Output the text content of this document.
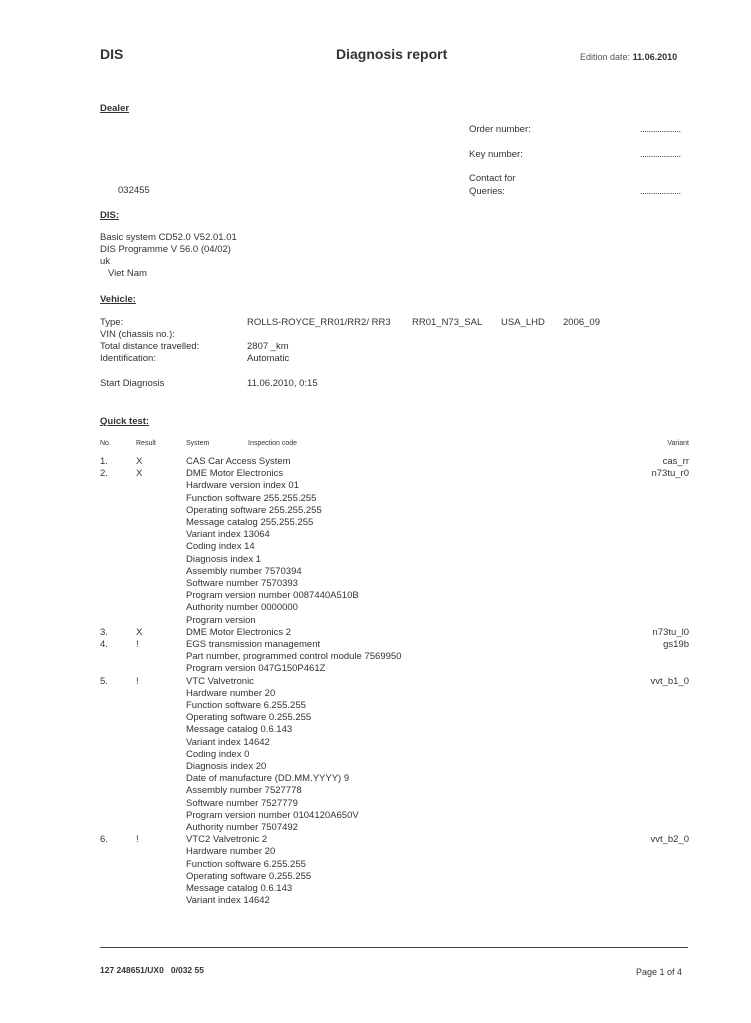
DIS	Diagnosis report	Edition date: 11.06.2010
Dealer
Order number:	...................
Key number:	...................
Contact for
Queries:	...................
032455
DIS:
Basic system CD52.0 V52.01.01
DIS Programme V 56.0 (04/02)
uk
Viet Nam
Vehicle:
Type:	ROLLS-ROYCE_RR01/RR2/ RR3 RR01_N73_SAL USA_LHD 2006_09
VIN (chassis no.):
Total distance travelled:	2807 _km
Identification:	Automatic
Start Diagnosis	11.06.2010, 0:15
Quick test:
No.	Result	System	Inspection code	Variant
1.	X	CAS Car Access System	cas_rr
2.	X	DME Motor Electronics	n73tu_r0
Hardware version index 01
Function software 255.255.255
Operating software 255.255.255
Message catalog 255.255.255
Variant index 13064
Coding index 14
Diagnosis index 1
Assembly number 7570394
Software number 7570393
Program version number 0087440A510B
Authority number 0000000
Program version
3.	X	DME Motor Electronics 2	n73tu_l0
4.	!	EGS transmission management	gs19b
Part number, programmed control module 7569950
Program version 047G150P461Z
5.	!	VTC Valvetronic	vvt_b1_0
Hardware number 20
Function software 6.255.255
Operating software 0.255.255
Message catalog 0.6.143
Variant index 14642
Coding index 0
Diagnosis index 20
Date of manufacture (DD.MM.YYYY) 9
Assembly number 7527778
Software number 7527779
Program version number 0104120A650V
Authority number 7507492
6.	!	VTC2 Valvetronic 2	vvt_b2_0
Hardware number 20
Function software 6.255.255
Operating software 0.255.255
Message catalog 0.6.143
Variant index 14642
127 248651/UX0   0/032 55	Page 1 of 4
